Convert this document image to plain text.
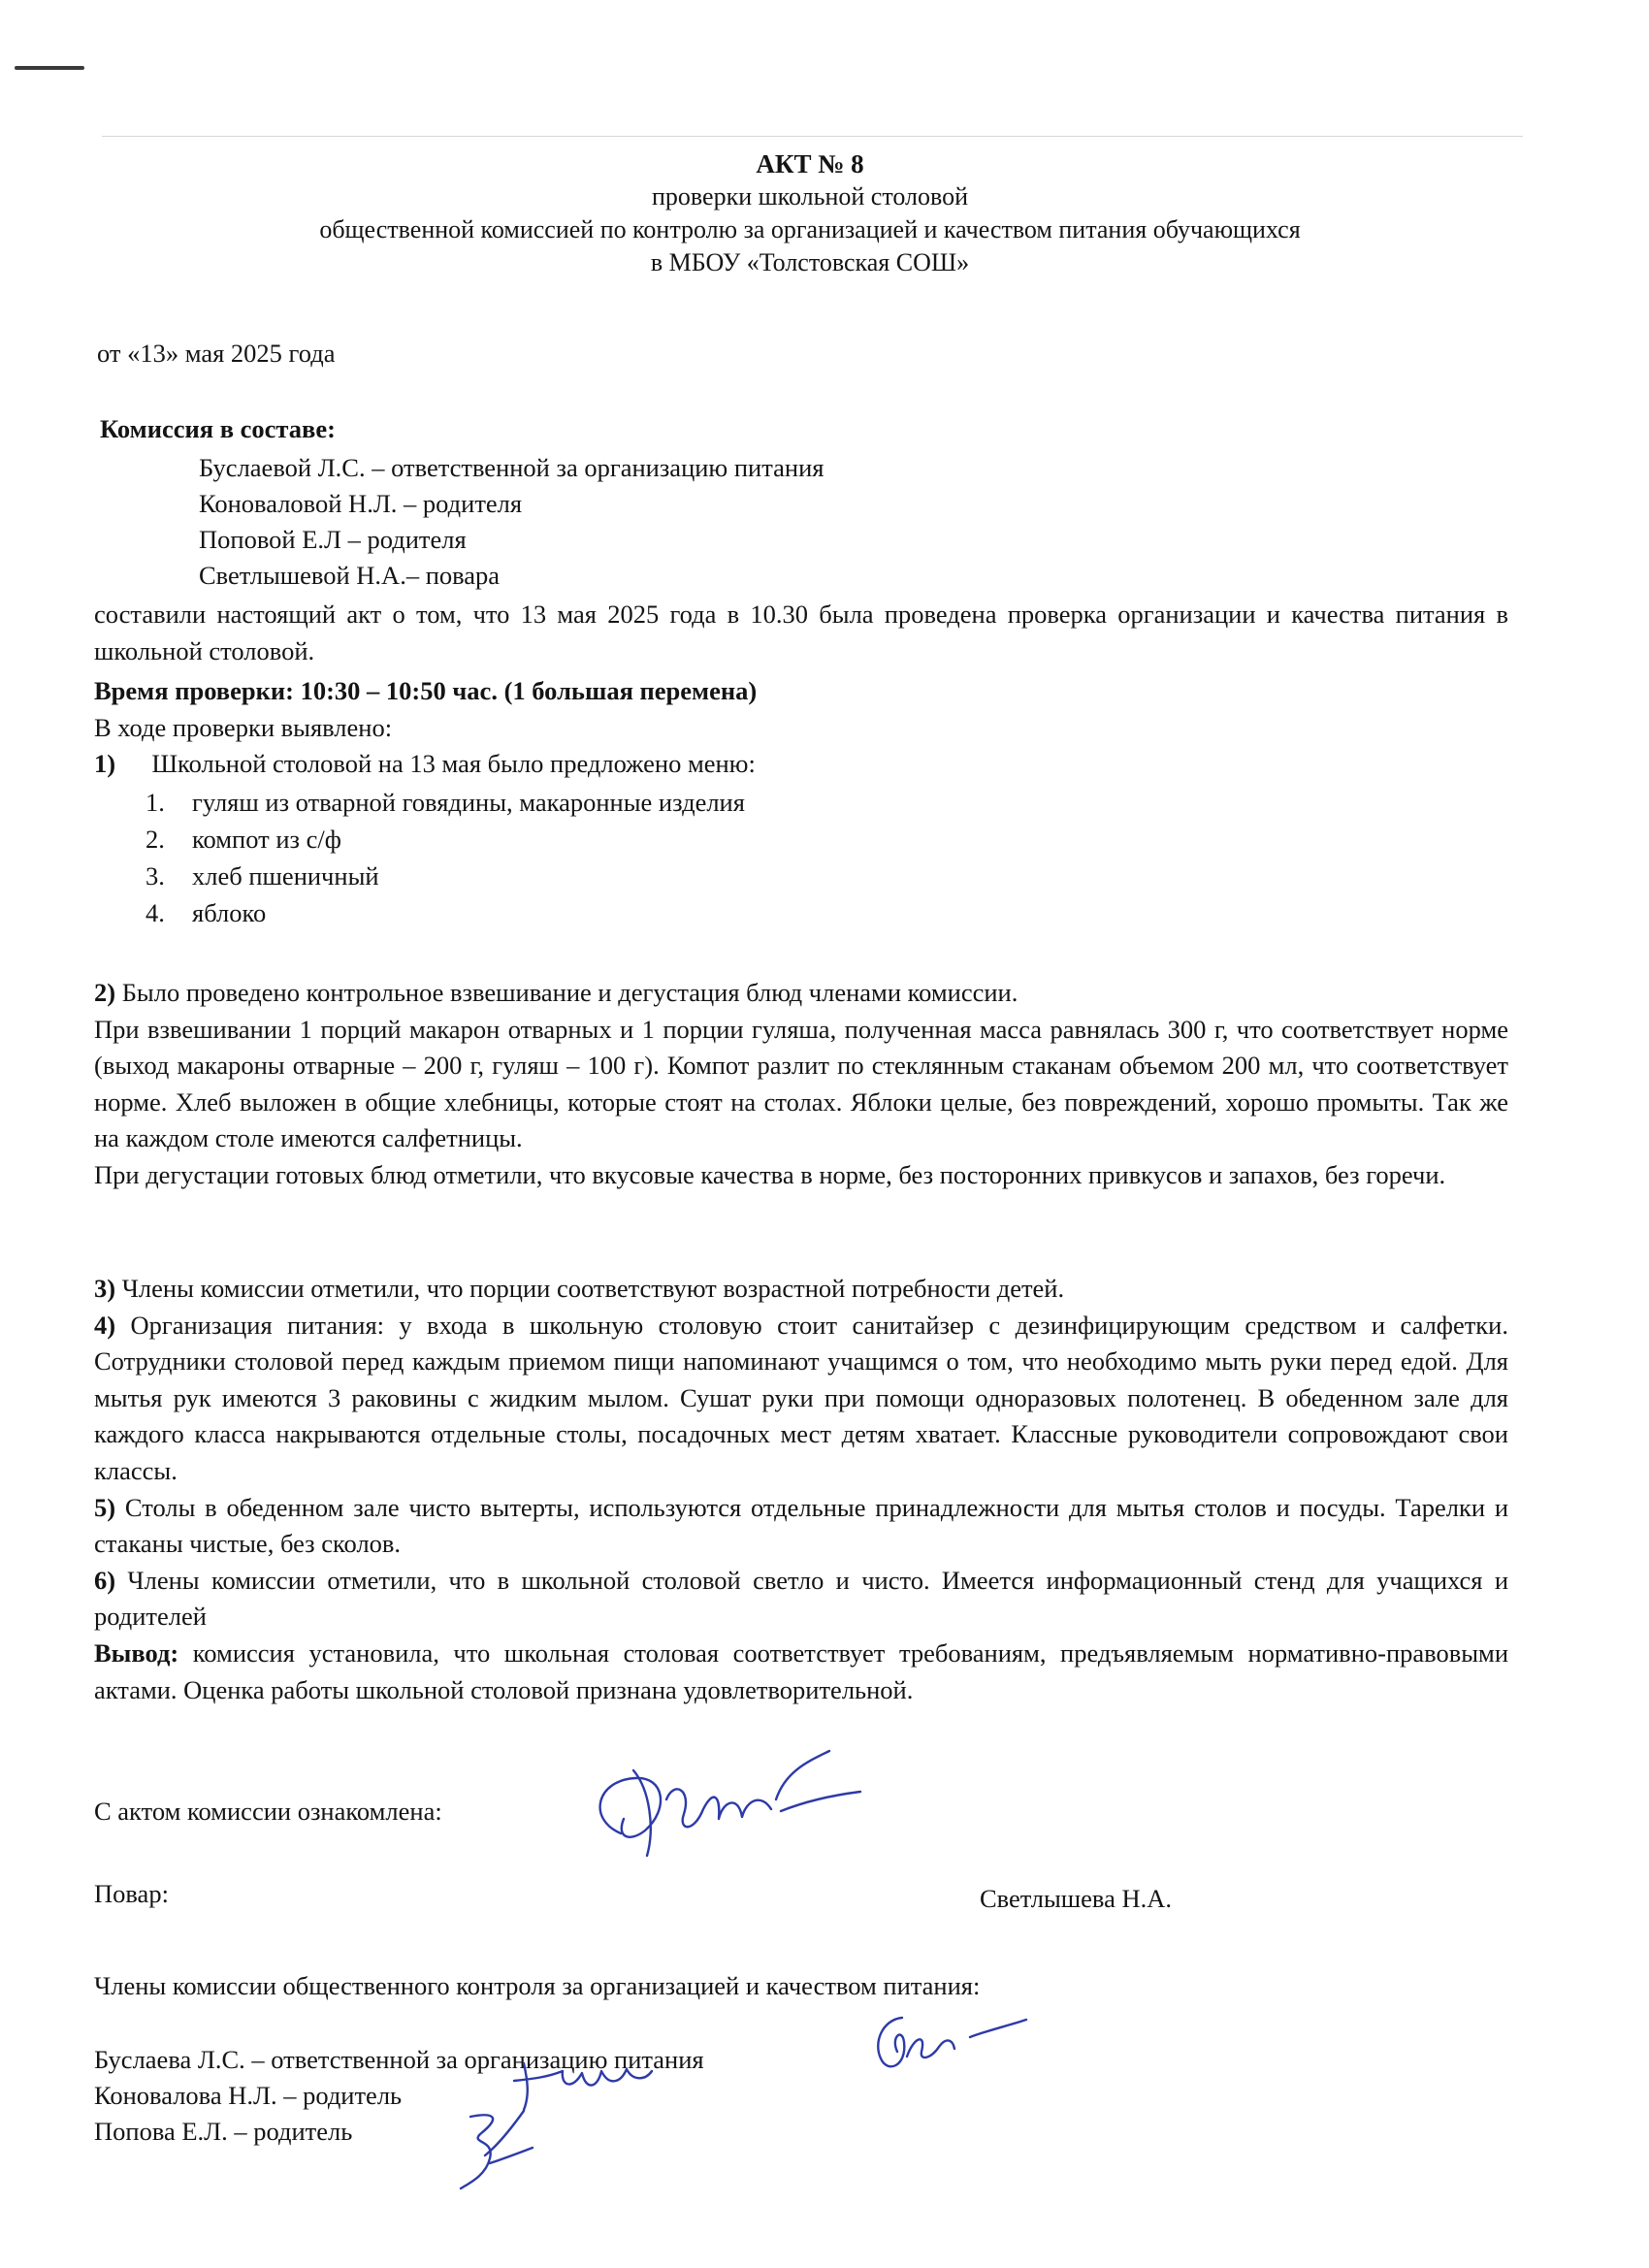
АКТ № 8
проверки школьной столовой
общественной комиссией по контролю за организацией и качеством питания обучающихся
в МБОУ «Толстовская СОШ»
от «13» мая 2025 года
Комиссия в составе:
Буслаевой Л.С. – ответственной за организацию питания
Коноваловой Н.Л. – родителя
Поповой Е.Л – родителя
Светлышевой Н.А.– повара

составили настоящий акт о том, что 13 мая 2025 года в 10.30 была проведена проверка организации и качества питания в школьной столовой.

Время проверки: 10:30 – 10:50 час. (1 большая перемена)
В ходе проверки выявлено:
1) Школьной столовой на 13 мая было предложено меню:
1. гуляш из отварной говядины, макаронные изделия
2. компот из с/ф
3. хлеб пшеничный
4. яблоко

2) Было проведено контрольное взвешивание и дегустация блюд членами комиссии.

При взвешивании 1 порций макарон отварных и 1 порции гуляша, полученная масса равнялась 300 г, что соответствует норме (выход макароны отварные – 200 г, гуляш – 100 г). Компот разлит по стеклянным стаканам объемом 200 мл, что соответствует норме. Хлеб выложен в общие хлебницы, которые стоят на столах. Яблоки целые, без повреждений, хорошо промыты. Так же на каждом столе имеются салфетницы.

При дегустации готовых блюд отметили, что вкусовые качества в норме, без посторонних привкусов и запахов, без горечи.

3) Члены комиссии отметили, что порции соответствуют возрастной потребности детей.

4) Организация питания: у входа в школьную столовую стоит санитайзер с дезинфицирующим средством и салфетки. Сотрудники столовой перед каждым приемом пищи напоминают учащимся о том, что необходимо мыть руки перед едой. Для мытья рук имеются 3 раковины с жидким мылом. Сушат руки при помощи одноразовых полотенец. В обеденном зале для каждого класса накрываются отдельные столы, посадочных мест детям хватает. Классные руководители сопровождают свои классы.

5) Столы в обеденном зале чисто вытерты, используются отдельные принадлежности для мытья столов и посуды. Тарелки и стаканы чистые, без сколов.

6) Члены комиссии отметили, что в школьной столовой светло и чисто. Имеется информационный стенд для учащихся и родителей

Вывод: комиссия установила, что школьная столовая соответствует требованиям, предъявляемым нормативно-правовыми актами. Оценка работы школьной столовой признана удовлетворительной.

С актом комиссии ознакомлена:
Повар:	Светлышева Н.А.
Члены комиссии общественного контроля за организацией и качеством питания:
Буслаева Л.С. – ответственной за организацию питания
Коновалова Н.Л. – родитель
Попова Е.Л. – родитель
